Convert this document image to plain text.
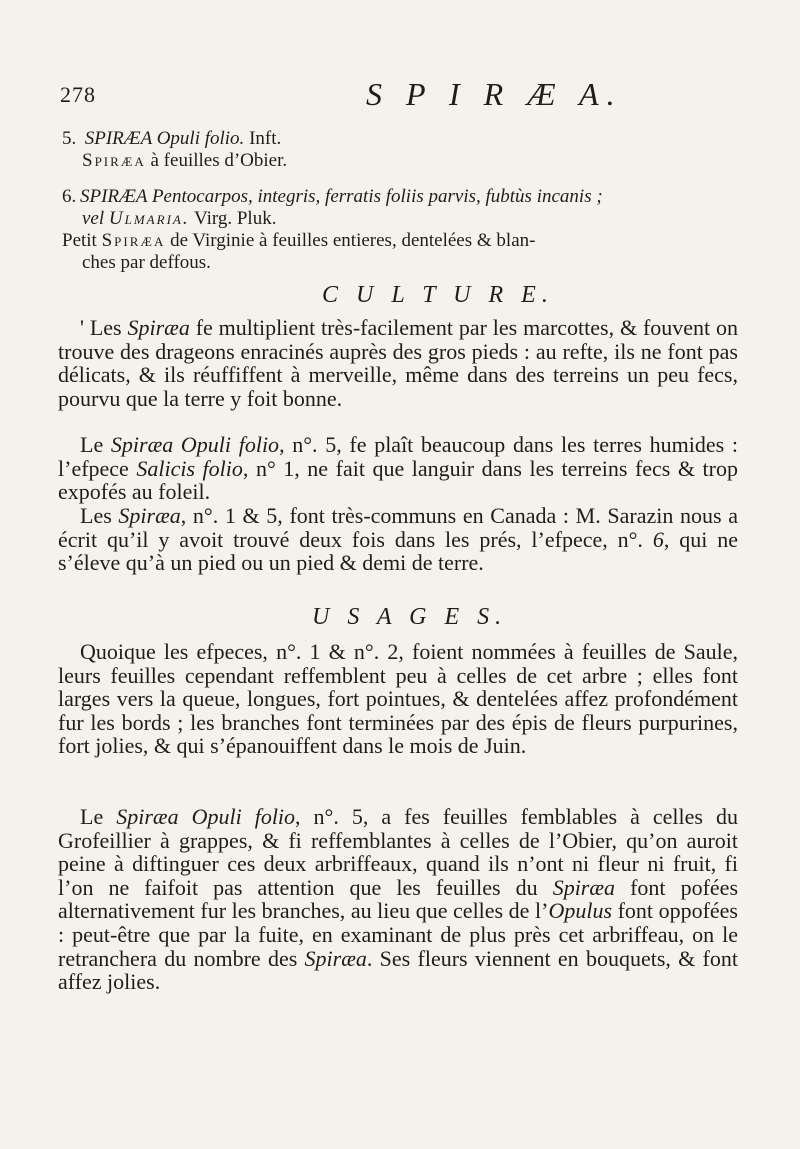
278	S P I R Æ A.
5. SPIRÆA Opuli folio. Inft.
Spiræa à feuilles d’Obier.
6. SPIRÆA Pentocarpos, integris, ferratis foliis parvis, fubtùs incanis ;
vel Ulmaria. Virg. Pluk.
Petit Spiræa de Virginie à feuilles entieres, dentelées & blan-
ches par deffous.
C U L T U R E.

' Les Spiræa fe multiplient très-facilement par les marcottes, & fouvent on trouve des drageons enracinés auprès des gros pieds : au refte, ils ne font pas délicats, & ils réuffiffent à merveille, même dans des terreins un peu fecs, pourvu que la terre y foit bonne.

Le Spiræa Opuli folio, n°. 5, fe plaît beaucoup dans les terres humides : l’efpece Salicis folio, n° 1, ne fait que languir dans les terreins fecs & trop expofés au foleil.

Les Spiræa, n°. 1 & 5, font très-communs en Canada : M. Sarazin nous a écrit qu’il y avoit trouvé deux fois dans les prés, l’efpece, n°. 6, qui ne s’éleve qu’à un pied ou un pied & demi de terre.

U S A G E S.

Quoique les efpeces, n°. 1 & n°. 2, foient nommées à feuilles de Saule, leurs feuilles cependant reffemblent peu à celles de cet arbre ; elles font larges vers la queue, longues, fort pointues, & dentelées affez profondément fur les bords ; les branches font terminées par des épis de fleurs purpurines, fort jolies, & qui s’épanouiffent dans le mois de Juin.

Le Spiræa Opuli folio, n°. 5, a fes feuilles femblables à celles du Grofeillier à grappes, & fi reffemblantes à celles de l’Obier, qu’on auroit peine à diftinguer ces deux arbriffeaux, quand ils n’ont ni fleur ni fruit, fi l’on ne faifoit pas attention que les feuilles du Spiræa font pofées alternativement fur les branches, au lieu que celles de l’Opulus font oppofées : peut-être que par la fuite, en examinant de plus près cet arbriffeau, on le retranchera du nombre des Spiræa. Ses fleurs viennent en bouquets, & font affez jolies.
